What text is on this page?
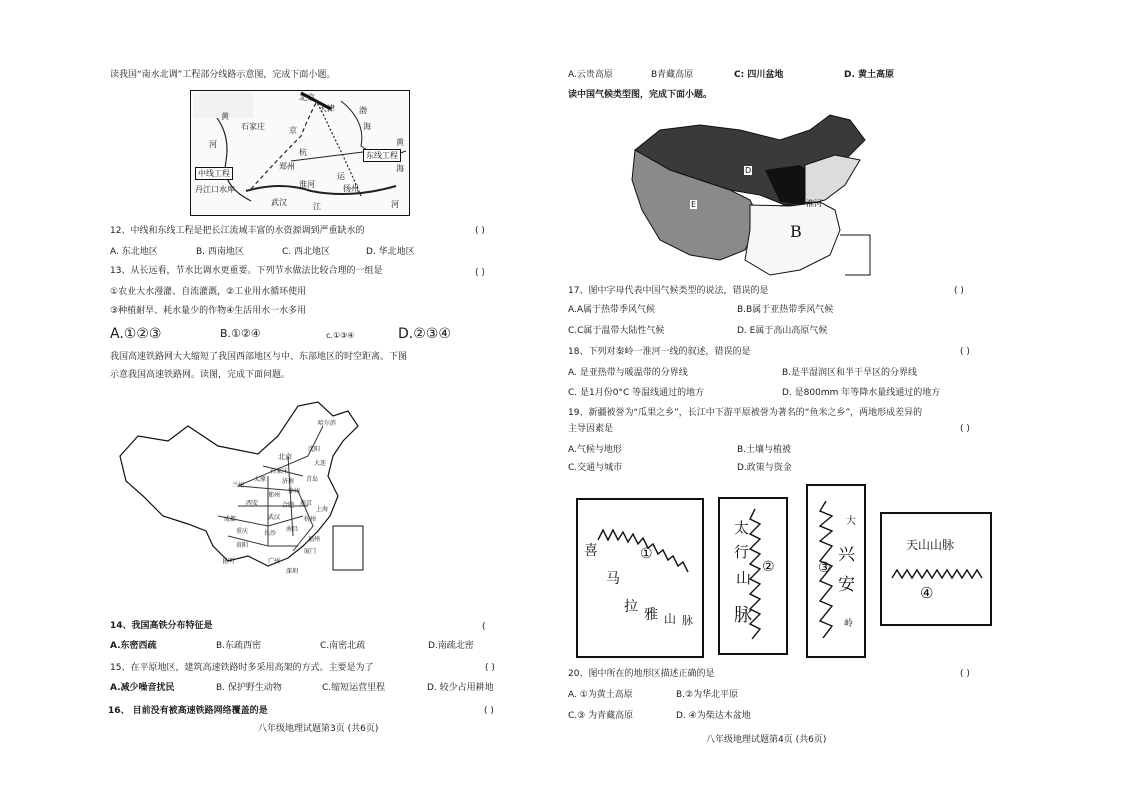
读我国“南水北调”工程部分线路示意图，完成下面小题。
北京
天津	渤
海
黄
河
石家庄	京
杭
郑州
中线工程
东线工程
丹江口水库
淮河
运
扬州
武汉	江	河
黄
海
12、中线和东线工程是把长江流域丰富的水资源调到严重缺水的	( )
A. 东北地区	B. 西南地区	C. 西北地区	D. 华北地区
13、从长远看，节水比调水更重要。下列节水做法比较合理的一组是	( )
①农业大水漫灌、自流灌溉，②工业用水循环使用
③种植耐旱、耗水量少的作物④生活用水一水多用
A.①②③	B.①②④	c.①③④	D.②③④
我国高速铁路网大大缩短了我国西部地区与中、东部地区的时空距离。下图
示意我国高速铁路网。读图，完成下面问题。
哈尔滨
北京
沈阳
大连
石家庄
太原
兰州
西安
郑州
徐州
合肥 南京
上海
武汉
长沙
杭州
南昌
成都
重庆
贵阳
昆明	广州
福州
青岛
济南
深圳
厦门
14、我国高铁分布特征是	(
A.东密西疏	B.东疏西密	C.南密北疏	D.南疏北密
15、在平原地区，建筑高速铁路时多采用高架的方式。主要是为了	( )
A.减少噪音扰民	B. 保护野生动物	C.缩短运营里程	D. 较少占用耕地
16、 目前没有被高速铁路网络覆盖的是	( )
八年级地理试题第3页 (共6页)
A.云贵高原	B青藏高原	C: 四川盆地	D. 黄土高原
读中国气候类型图，完成下面小题。
D
C
E	淮河
B
17、图中字母代表中国气候类型的说法，错误的是	( )
A.A属于热带季风气候	B.B属于亚热带季风气候
C.C属于温带大陆性气候	D. E属于高山高原气候
18、下列对秦岭一淮河一线的叙述，错误的是	( )
A. 是亚热带与暖温带的分界线	B.是半湿润区和半干旱区的分界线
C. 是1月份0°C 等温线通过的地方	D. 是800mm 年等降水量线通过的地方
19、新疆被誉为“瓜果之乡”，长江中下游平原被誉为著名的“鱼米之乡”，两地形成差异的
主导因素是	( )
A.气候与地形	B.土壤与植被
C.交通与城市	D.政策与资金
喜
马
拉 雅 山 脉
①
太
行
山
脉
②
大
兴
安
岭
③
天山山脉
④
20、图中所在的地形区描述正确的是	( )
A. ①为黄土高原	B.②为华北平原
C.③ 为青藏高原	D. ④为柴达木盆地
八年级地理试题第4页 (共6页)
